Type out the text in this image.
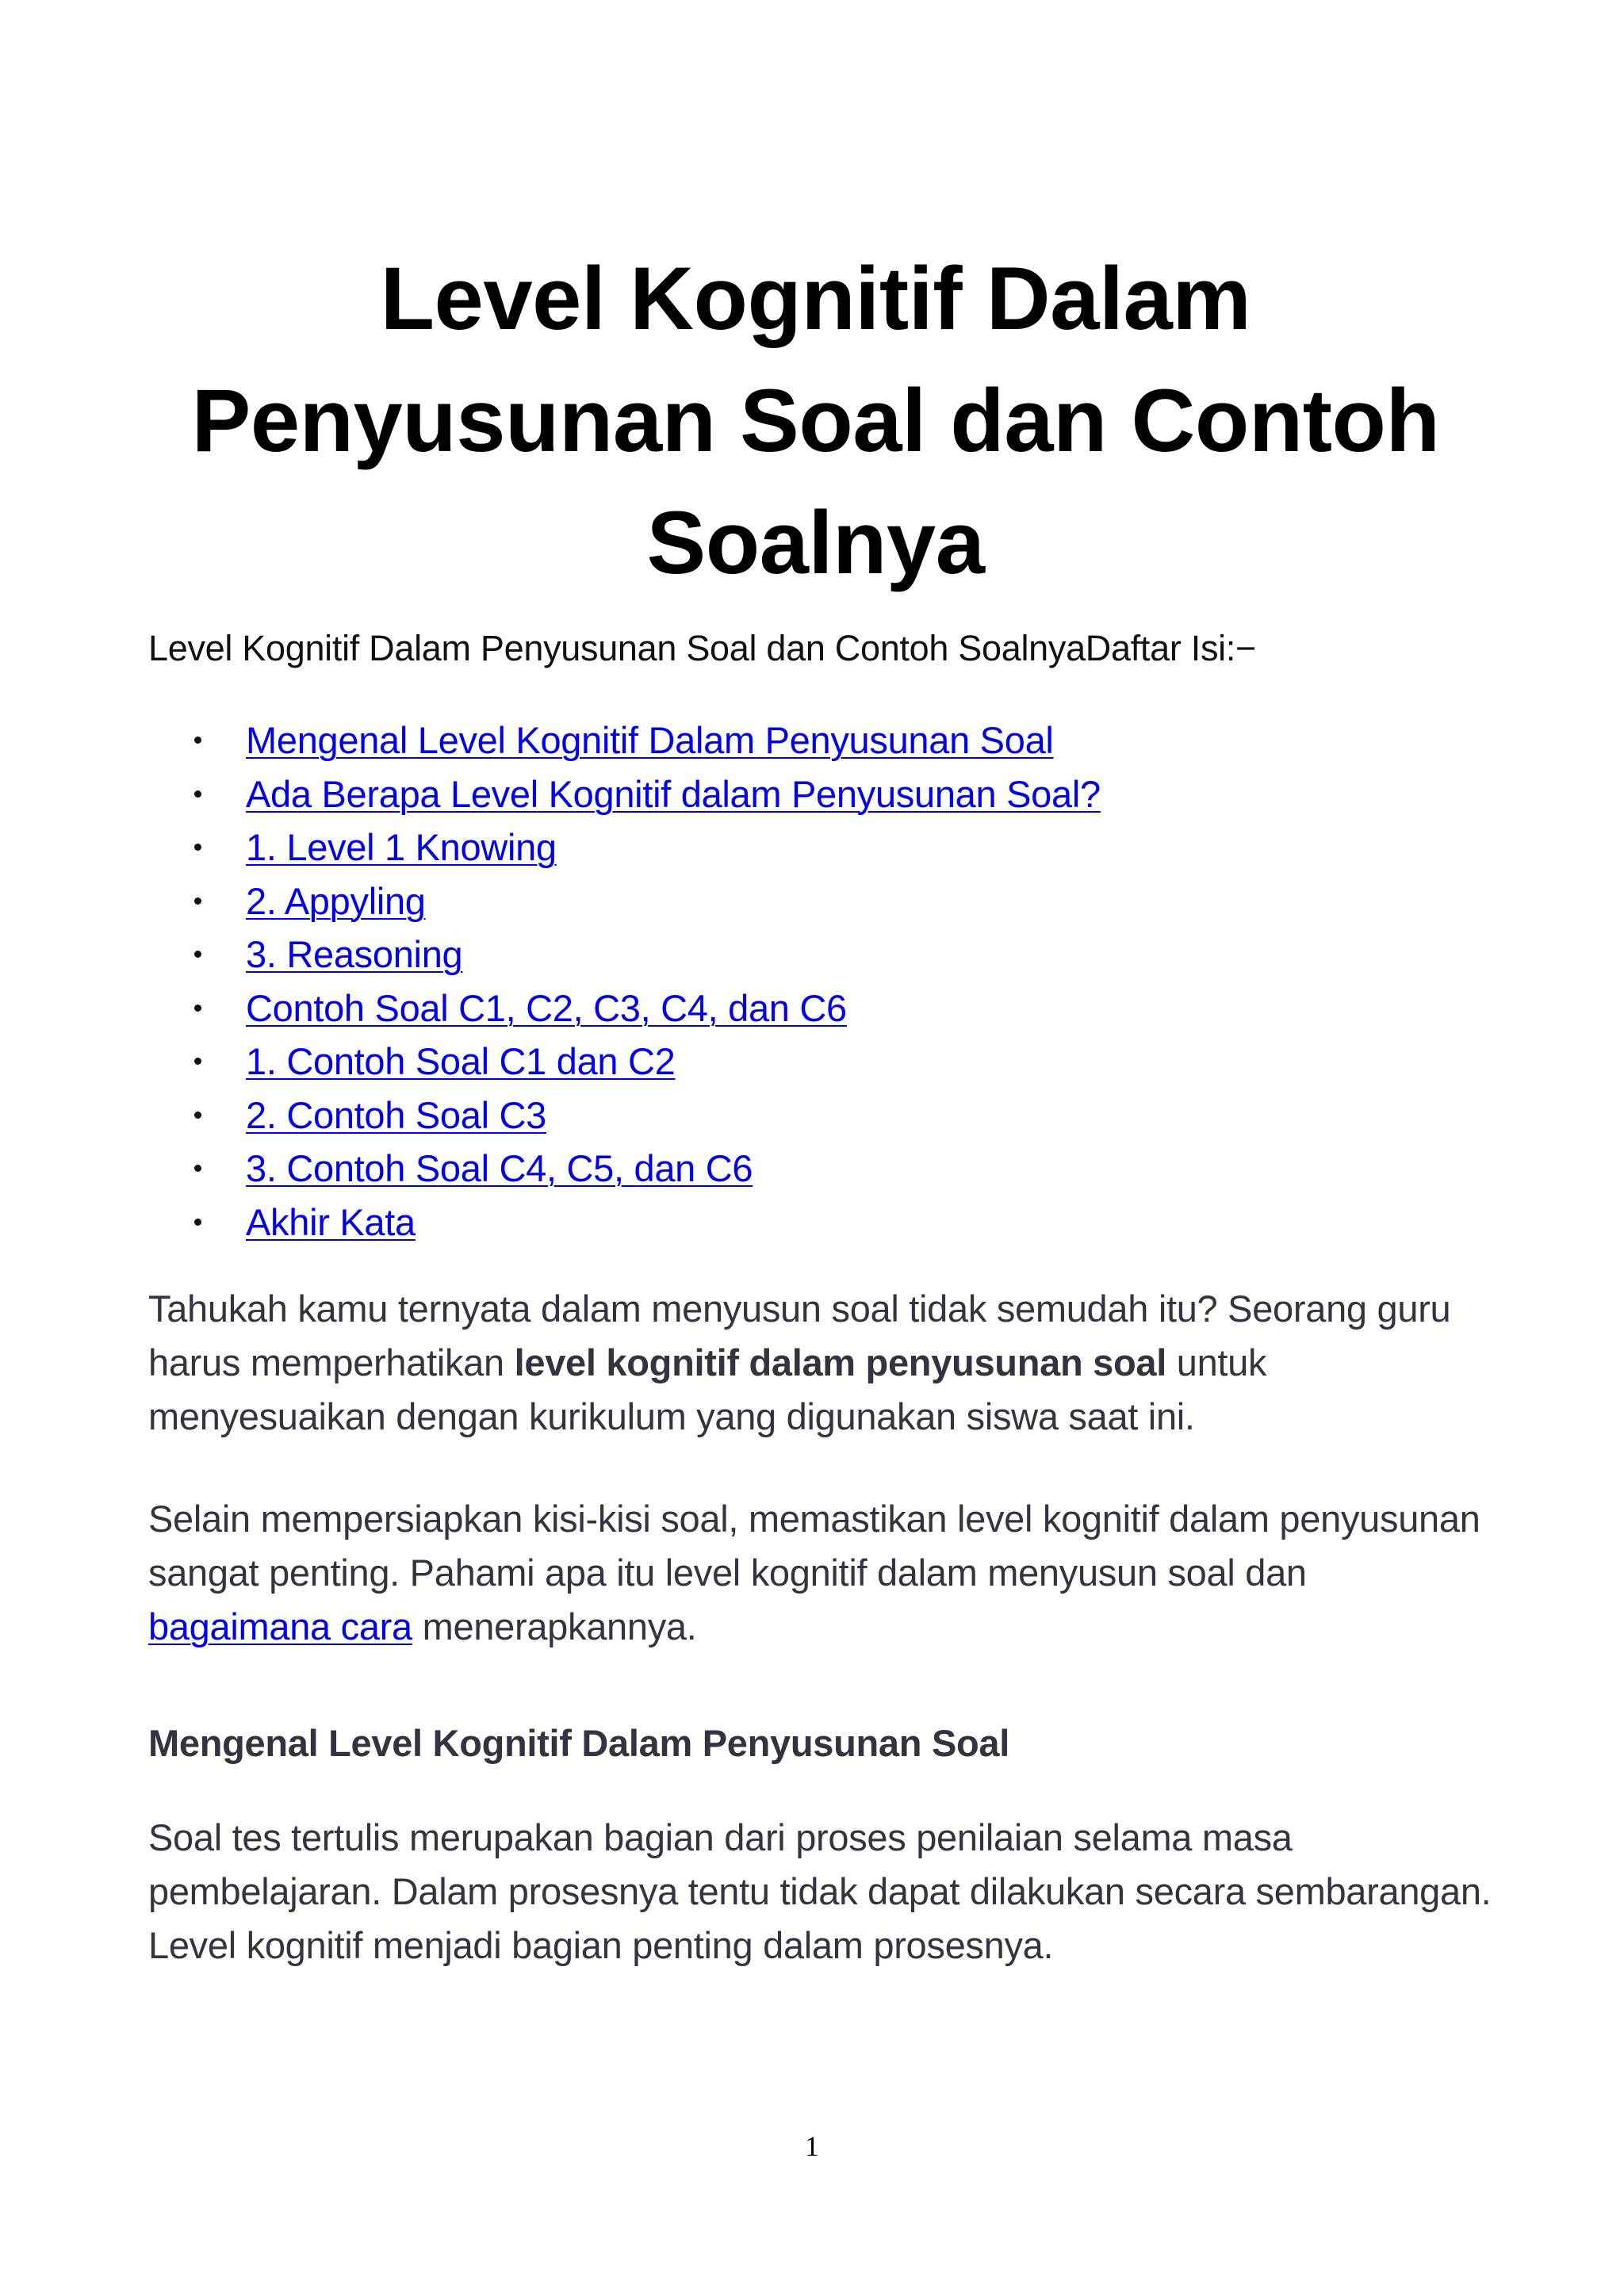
Level Kognitif Dalam Penyusunan Soal dan Contoh Soalnya

Level Kognitif Dalam Penyusunan Soal dan Contoh SoalnyaDaftar Isi:−

Mengenal Level Kognitif Dalam Penyusunan Soal
Ada Berapa Level Kognitif dalam Penyusunan Soal?
1. Level 1 Knowing
2. Appyling
3. Reasoning
Contoh Soal C1, C2, C3, C4, dan C6
1. Contoh Soal C1 dan C2
2. Contoh Soal C3
3. Contoh Soal C4, C5, dan C6
Akhir Kata

Tahukah kamu ternyata dalam menyusun soal tidak semudah itu? Seorang guru harus memperhatikan level kognitif dalam penyusunan soal untuk menyesuaikan dengan kurikulum yang digunakan siswa saat ini.

Selain mempersiapkan kisi-kisi soal, memastikan level kognitif dalam penyusunan sangat penting. Pahami apa itu level kognitif dalam menyusun soal dan bagaimana cara menerapkannya.

Mengenal Level Kognitif Dalam Penyusunan Soal

Soal tes tertulis merupakan bagian dari proses penilaian selama masa pembelajaran. Dalam prosesnya tentu tidak dapat dilakukan secara sembarangan. Level kognitif menjadi bagian penting dalam prosesnya.

1
